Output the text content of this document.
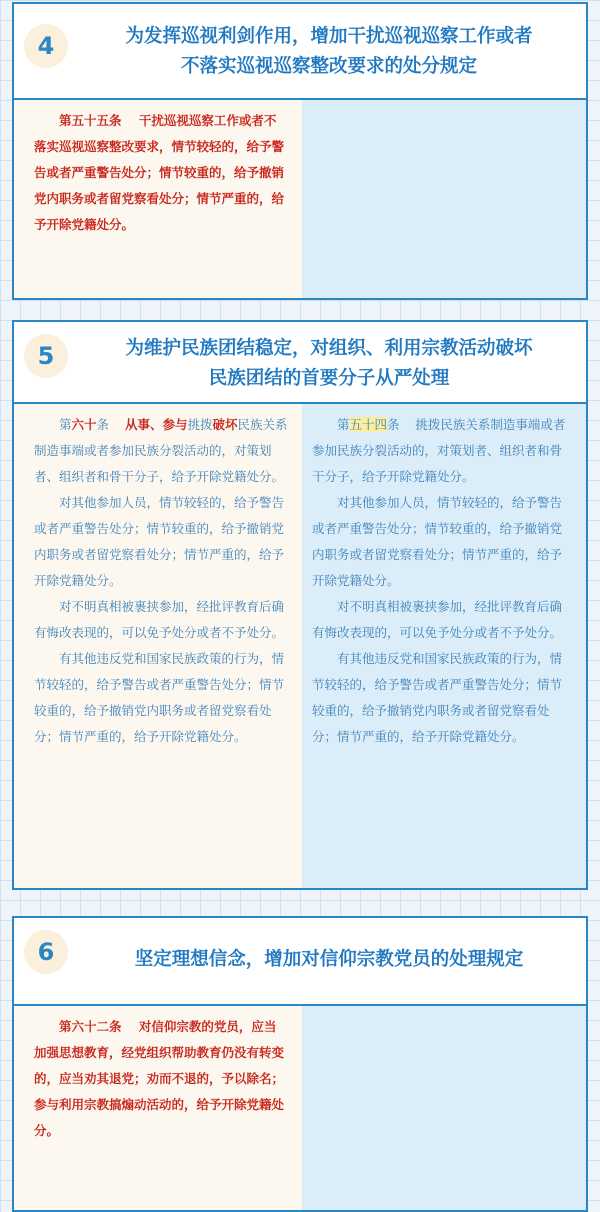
4	为发挥巡视利剑作用，增加干扰巡视巡察工作或者
不落实巡视巡察整改要求的处分规定

第五十五条    干扰巡视巡察工作或者不落实巡视巡察整改要求，情节较轻的，给予警告或者严重警告处分；情节较重的，给予撤销党内职务或者留党察看处分；情节严重的，给予开除党籍处分。

5	为维护民族团结稳定，对组织、利用宗教活动破坏
民族团结的首要分子从严处理

第六十条    从事、参与挑拨破坏民族关系制造事端或者参加民族分裂活动的，对策划者、组织者和骨干分子，给予开除党籍处分。

对其他参加人员，情节较轻的，给予警告或者严重警告处分；情节较重的，给予撤销党内职务或者留党察看处分；情节严重的，给予开除党籍处分。

对不明真相被裹挟参加，经批评教育后确有悔改表现的，可以免予处分或者不予处分。

有其他违反党和国家民族政策的行为，情节较轻的，给予警告或者严重警告处分；情节较重的，给予撤销党内职务或者留党察看处分；情节严重的，给予开除党籍处分。

第五十四条    挑拨民族关系制造事端或者参加民族分裂活动的，对策划者、组织者和骨干分子，给予开除党籍处分。

对其他参加人员，情节较轻的，给予警告或者严重警告处分；情节较重的，给予撤销党内职务或者留党察看处分；情节严重的，给予开除党籍处分。

对不明真相被裹挟参加，经批评教育后确有悔改表现的，可以免予处分或者不予处分。

有其他违反党和国家民族政策的行为，情节较轻的，给予警告或者严重警告处分；情节较重的，给予撤销党内职务或者留党察看处分；情节严重的，给予开除党籍处分。

6	坚定理想信念，增加对信仰宗教党员的处理规定

第六十二条    对信仰宗教的党员，应当加强思想教育，经党组织帮助教育仍没有转变的，应当劝其退党；劝而不退的，予以除名；参与利用宗教搞煽动活动的，给予开除党籍处分。
